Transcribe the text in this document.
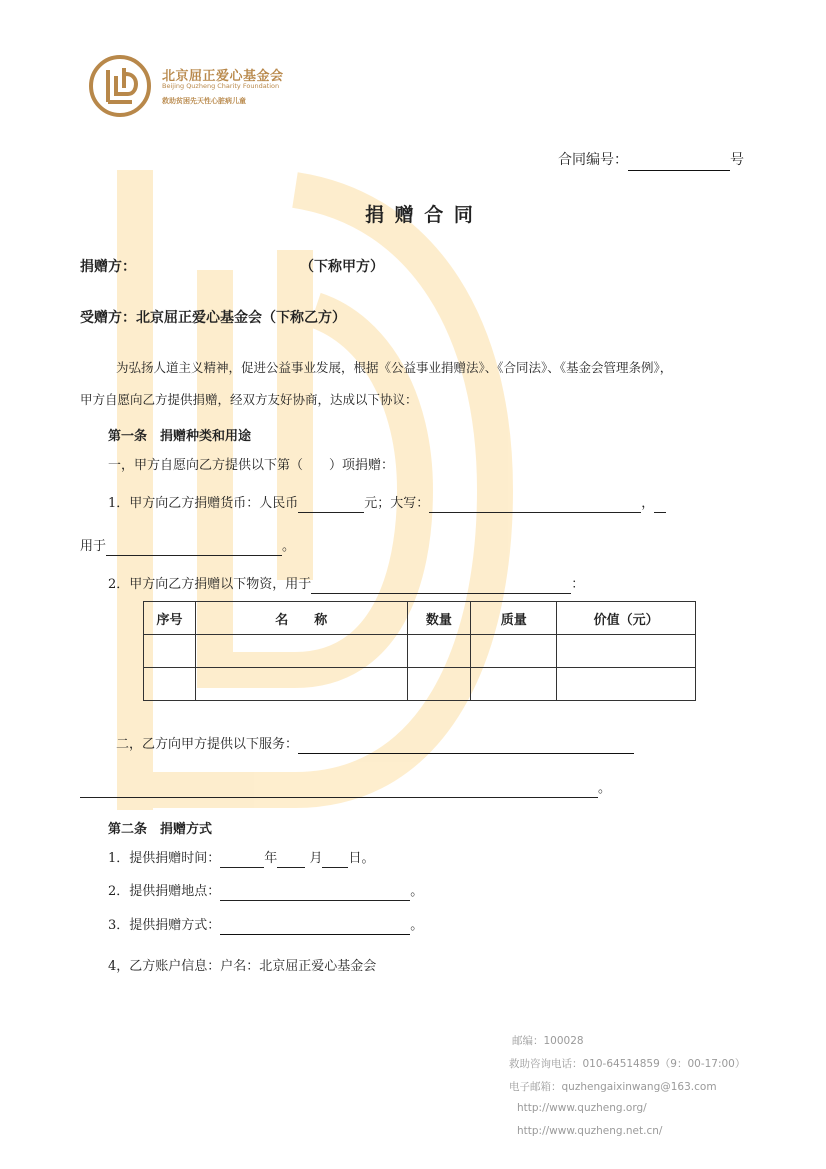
北京屈正爱心基金会
Beijing Quzheng Charity Foundation
救助贫困先天性心脏病儿童
合同编号：	号
捐 赠 合 同
捐赠方：	（下称甲方）
受赠方：北京屈正爱心基金会（下称乙方）
为弘扬人道主义精神，促进公益事业发展，根据《公益事业捐赠法》、《合同法》、《基金会管理条例》，
甲方自愿向乙方提供捐赠，经双方友好协商，达成以下协议：
第一条　捐赠种类和用途
一，甲方自愿向乙方提供以下第（　　）项捐赠：
1．甲方向乙方捐赠货币：人民币	元；大写：	，
用于	。
2．甲方向乙方捐赠以下物资，用于	：
序号	名　　称	数量	质量	价值（元）

二，乙方向甲方提供以下服务：
。
第二条　捐赠方式
1．提供捐赠时间：	年 月 日。
2．提供捐赠地点：	。
3．提供捐赠方式：	。
4，乙方账户信息：户名：北京屈正爱心基金会
邮编：100028
救助咨询电话：010-64514859（9：00-17:00）
电子邮箱：quzhengaixinwang@163.com
http://www.quzheng.org/
http://www.quzheng.net.cn/
